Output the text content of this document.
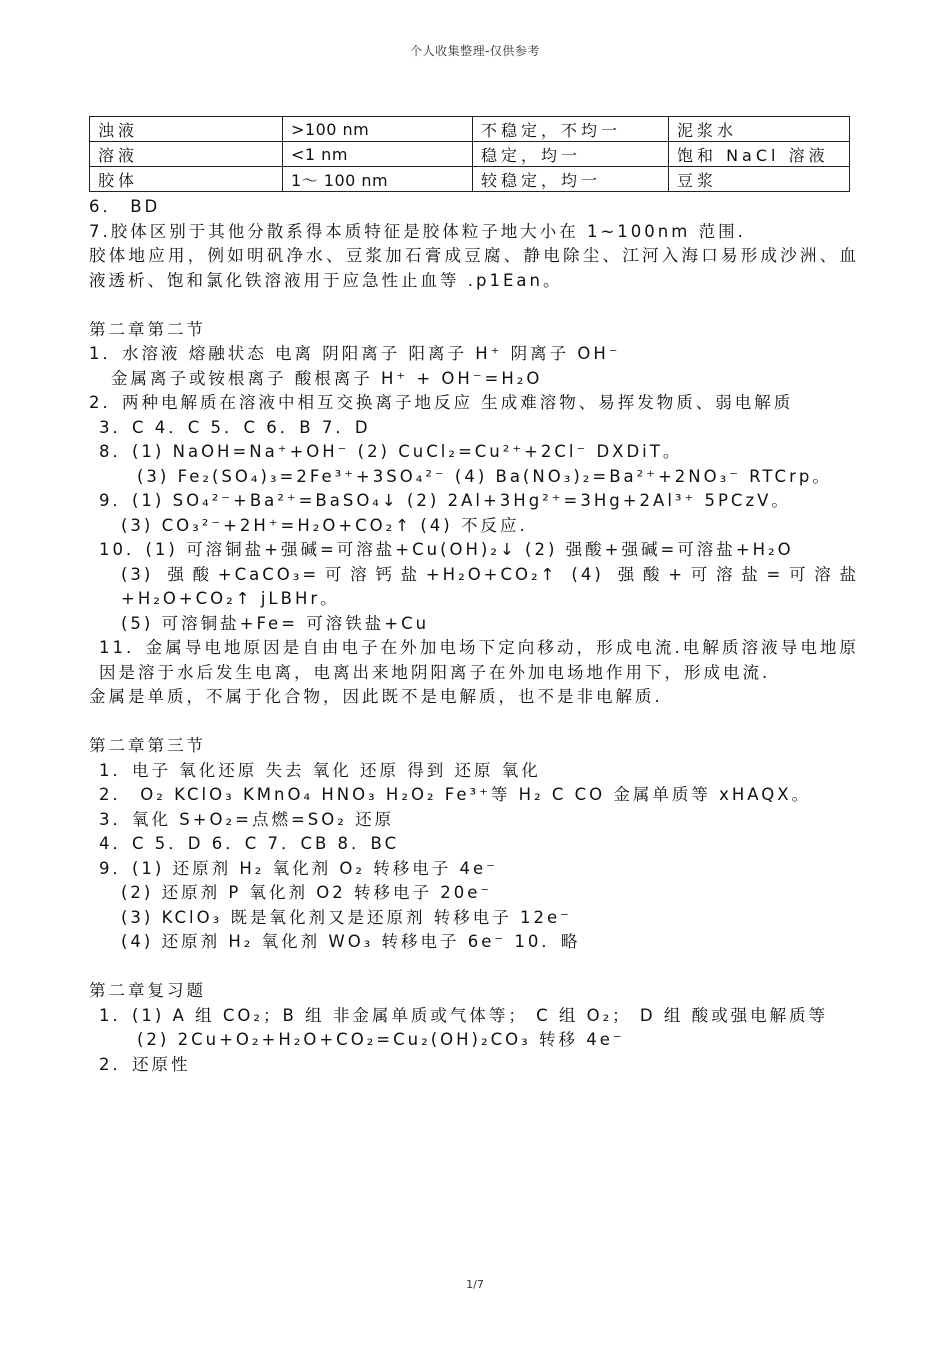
个人收集整理-仅供参考
浊液	>100 nm	不稳定，不均一	泥浆水
溶液	<1 nm	稳定，均一	饱和 NaCl 溶液
胶体	1～ 100 nm	较稳定，均一	豆浆
6． BD
7.胶体区别于其他分散系得本质特征是胶体粒子地大小在 1~100nm 范围.
胶体地应用，例如明矾净水、豆浆加石膏成豆腐、静电除尘、江河入海口易形成沙洲、血液透析、饱和氯化铁溶液用于应急性止血等 .p1Ean。
第二章第二节
1．水溶液 熔融状态 电离 阴阳离子 阳离子 H⁺ 阴离子 OH⁻
金属离子或铵根离子 酸根离子 H⁺ + OH⁻=H₂O
2．两种电解质在溶液中相互交换离子地反应 生成难溶物、易挥发物质、弱电解质
3．C 4．C 5．C 6．B 7．D
8．(1) NaOH=Na⁺+OH⁻ (2) CuCl₂=Cu²⁺+2Cl⁻ DXDiT。
(3) Fe₂(SO₄)₃=2Fe³⁺+3SO₄²⁻ (4) Ba(NO₃)₂=Ba²⁺+2NO₃⁻ RTCrp。
9．(1) SO₄²⁻+Ba²⁺=BaSO₄↓ (2) 2Al+3Hg²⁺=3Hg+2Al³⁺ 5PCzV。
(3) CO₃²⁻+2H⁺=H₂O+CO₂↑ (4) 不反应.
10．(1) 可溶铜盐+强碱=可溶盐+Cu(OH)₂↓ (2) 强酸+强碱=可溶盐+H₂O
(3) 强酸+CaCO₃=可溶钙盐+H₂O+CO₂↑ (4) 强酸+可溶盐=可溶盐+H₂O+CO₂↑ jLBHr。
(5) 可溶铜盐+Fe= 可溶铁盐+Cu
11．金属导电地原因是自由电子在外加电场下定向移动，形成电流.电解质溶液导电地原因是溶于水后发生电离，电离出来地阴阳离子在外加电场地作用下，形成电流.
金属是单质，不属于化合物，因此既不是电解质，也不是非电解质.
第二章第三节
1．电子 氧化还原 失去 氧化 还原 得到 还原 氧化
2． O₂ KClO₃ KMnO₄ HNO₃ H₂O₂ Fe³⁺等 H₂ C CO 金属单质等 xHAQX。
3．氧化 S+O₂=点燃=SO₂ 还原
4．C 5．D 6．C 7．CB 8．BC
9．(1) 还原剂 H₂ 氧化剂 O₂ 转移电子 4e⁻
(2) 还原剂 P 氧化剂 O2 转移电子 20e⁻
(3) KClO₃ 既是氧化剂又是还原剂 转移电子 12e⁻
(4) 还原剂 H₂ 氧化剂 WO₃ 转移电子 6e⁻ 10．略
第二章复习题
1．(1) A 组 CO₂；B 组 非金属单质或气体等； C 组 O₂； D 组 酸或强电解质等
(2) 2Cu+O₂+H₂O+CO₂=Cu₂(OH)₂CO₃ 转移 4e⁻
2．还原性
1/7
